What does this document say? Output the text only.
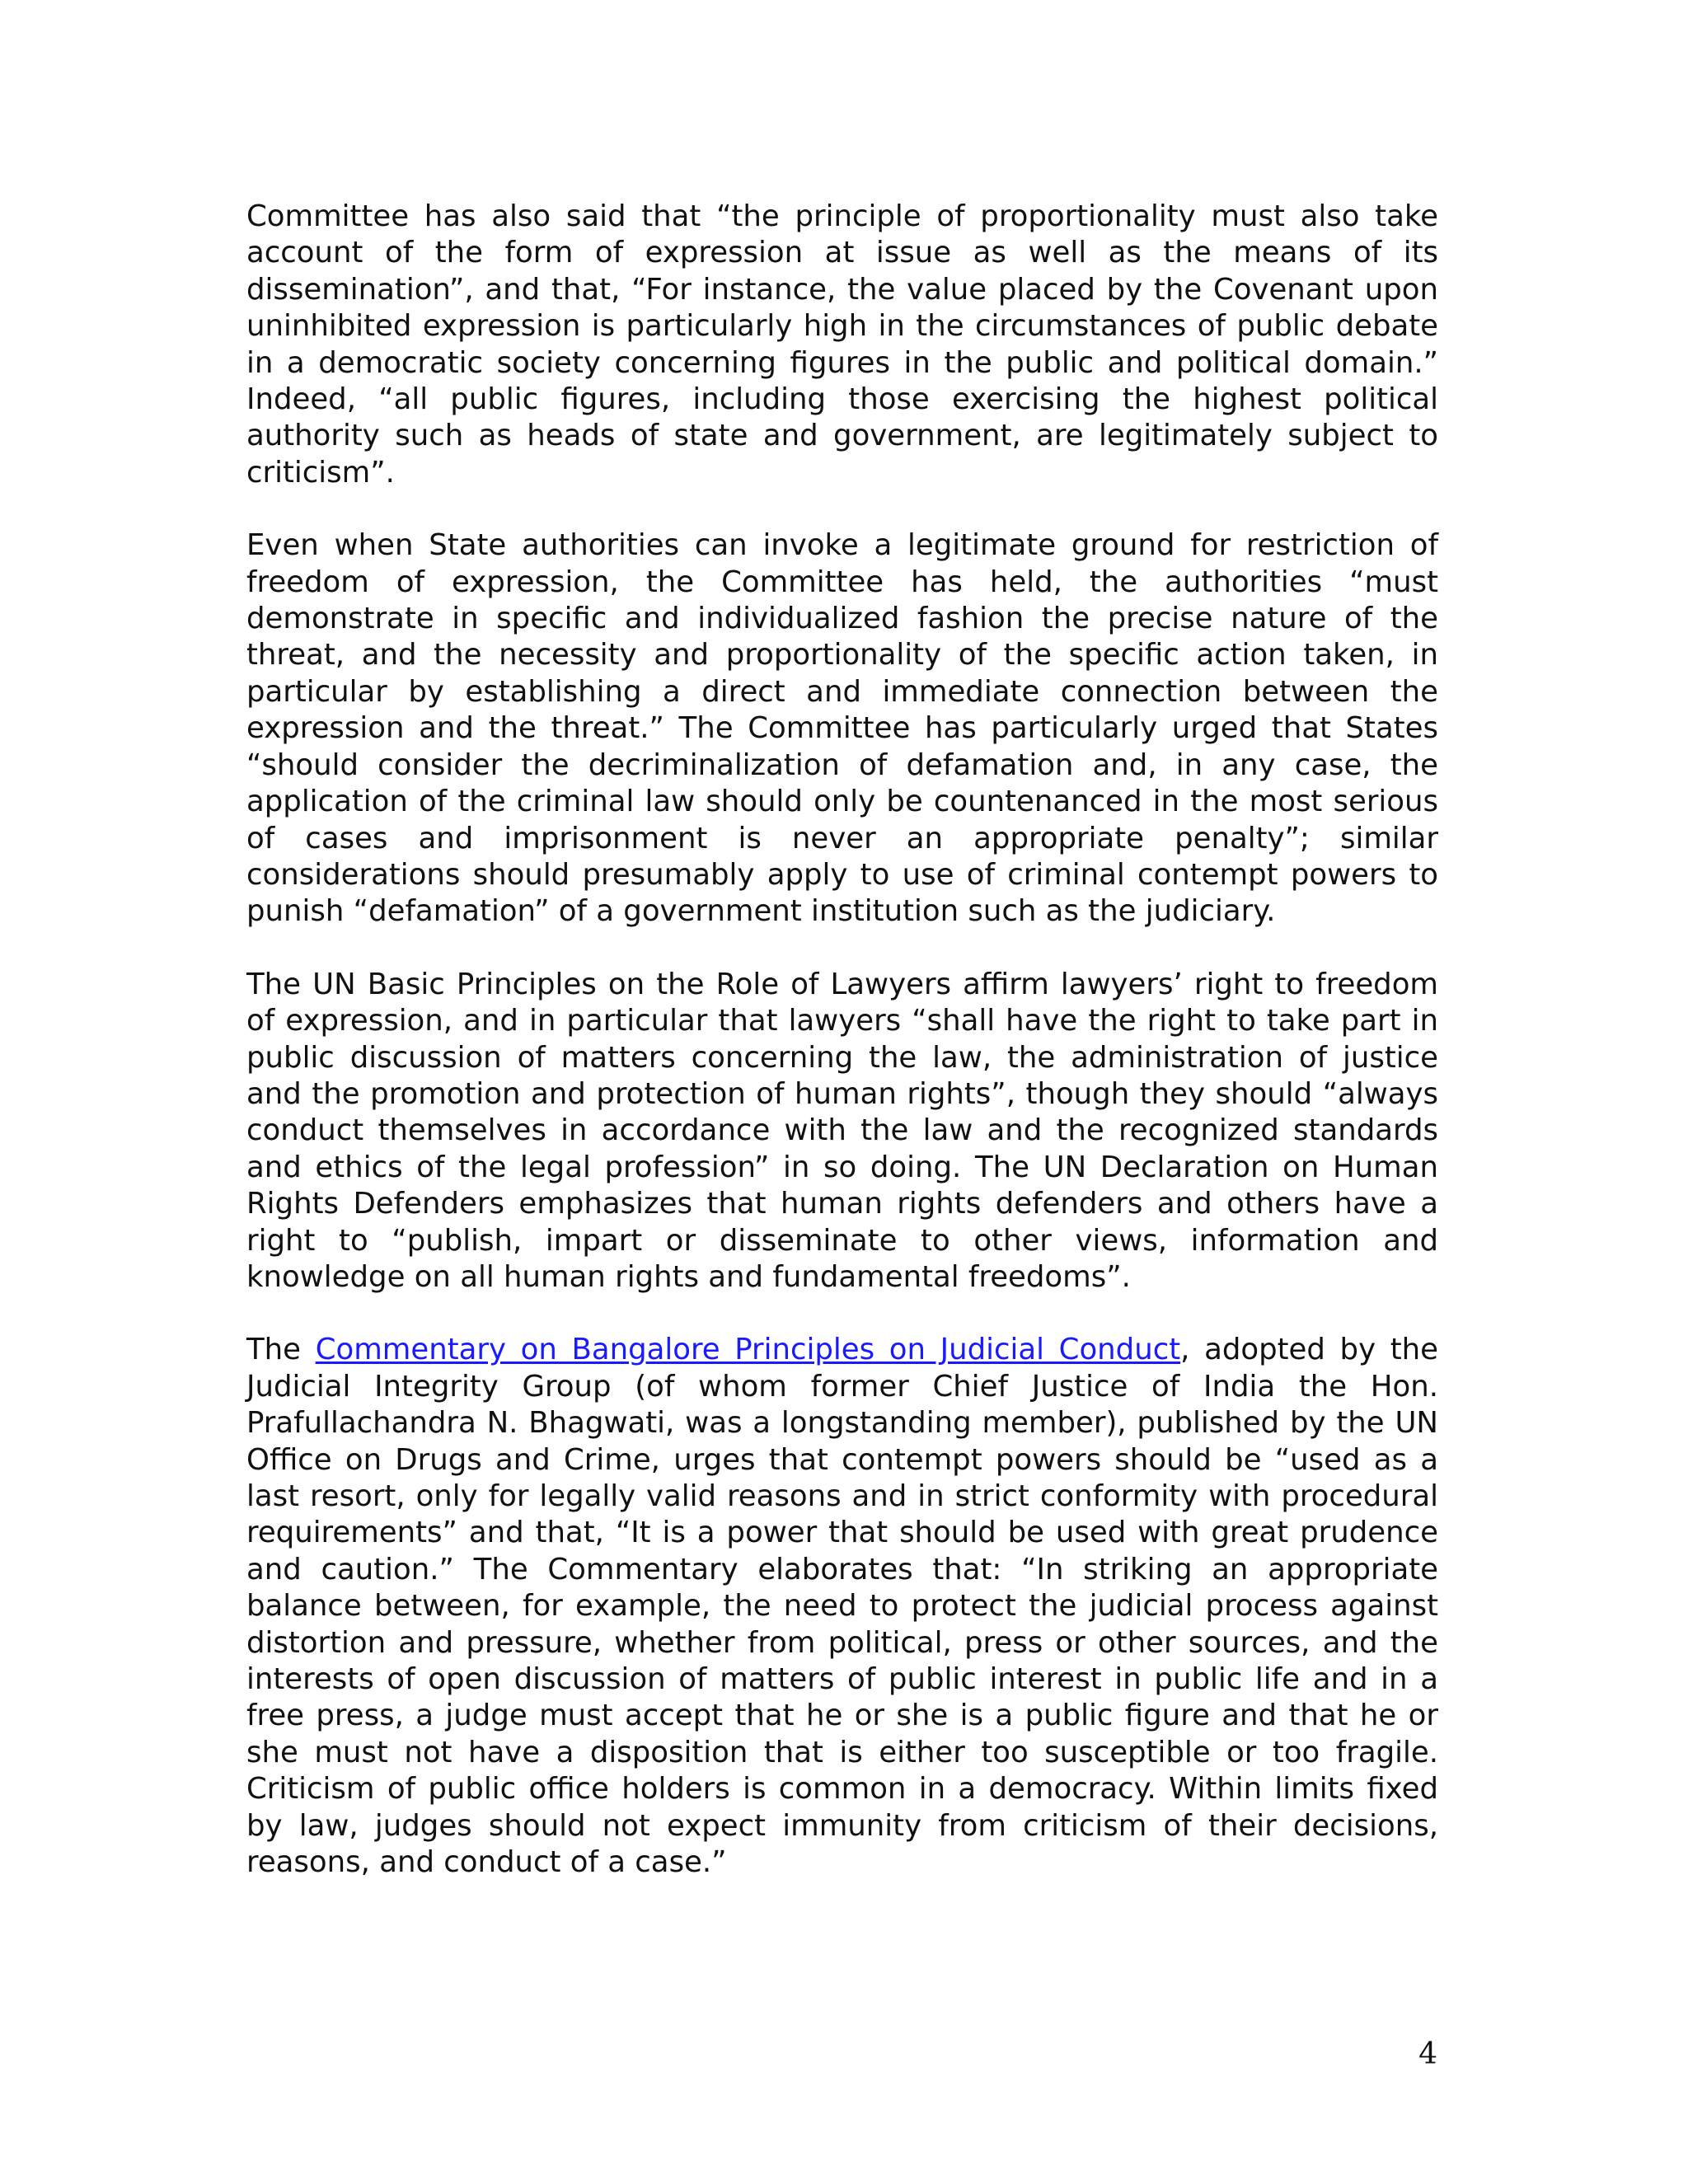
Committee has also said that “the principle of proportionality must also take account of the form of expression at issue as well as the means of its dissemination”, and that, “For instance, the value placed by the Covenant upon uninhibited expression is particularly high in the circumstances of public debate in a democratic society concerning figures in the public and political domain.” Indeed, “all public figures, including those exercising the highest political authority such as heads of state and government, are legitimately subject to criticism”.

Even when State authorities can invoke a legitimate ground for restriction of freedom of expression, the Committee has held, the authorities “must demonstrate in specific and individualized fashion the precise nature of the threat, and the necessity and proportionality of the specific action taken, in particular by establishing a direct and immediate connection between the expression and the threat.” The Committee has particularly urged that States “should consider the decriminalization of defamation and, in any case, the application of the criminal law should only be countenanced in the most serious of cases and imprisonment is never an appropriate penalty”; similar considerations should presumably apply to use of criminal contempt powers to punish “defamation” of a government institution such as the judiciary.

The UN Basic Principles on the Role of Lawyers affirm lawyers’ right to freedom of expression, and in particular that lawyers “shall have the right to take part in public discussion of matters concerning the law, the administration of justice and the promotion and protection of human rights”, though they should “always conduct themselves in accordance with the law and the recognized standards and ethics of the legal profession” in so doing. The UN Declaration on Human Rights Defenders emphasizes that human rights defenders and others have a right to “publish, impart or disseminate to other views, information and knowledge on all human rights and fundamental freedoms”.

The Commentary on Bangalore Principles on Judicial Conduct, adopted by the Judicial Integrity Group (of whom former Chief Justice of India the Hon. Prafullachandra N. Bhagwati, was a longstanding member), published by the UN Office on Drugs and Crime, urges that contempt powers should be “used as a last resort, only for legally valid reasons and in strict conformity with procedural requirements” and that, “It is a power that should be used with great prudence and caution.” The Commentary elaborates that: “In striking an appropriate balance between, for example, the need to protect the judicial process against distortion and pressure, whether from political, press or other sources, and the interests of open discussion of matters of public interest in public life and in a free press, a judge must accept that he or she is a public figure and that he or she must not have a disposition that is either too susceptible or too fragile. Criticism of public office holders is common in a democracy. Within limits fixed by law, judges should not expect immunity from criticism of their decisions, reasons, and conduct of a case.”

4
